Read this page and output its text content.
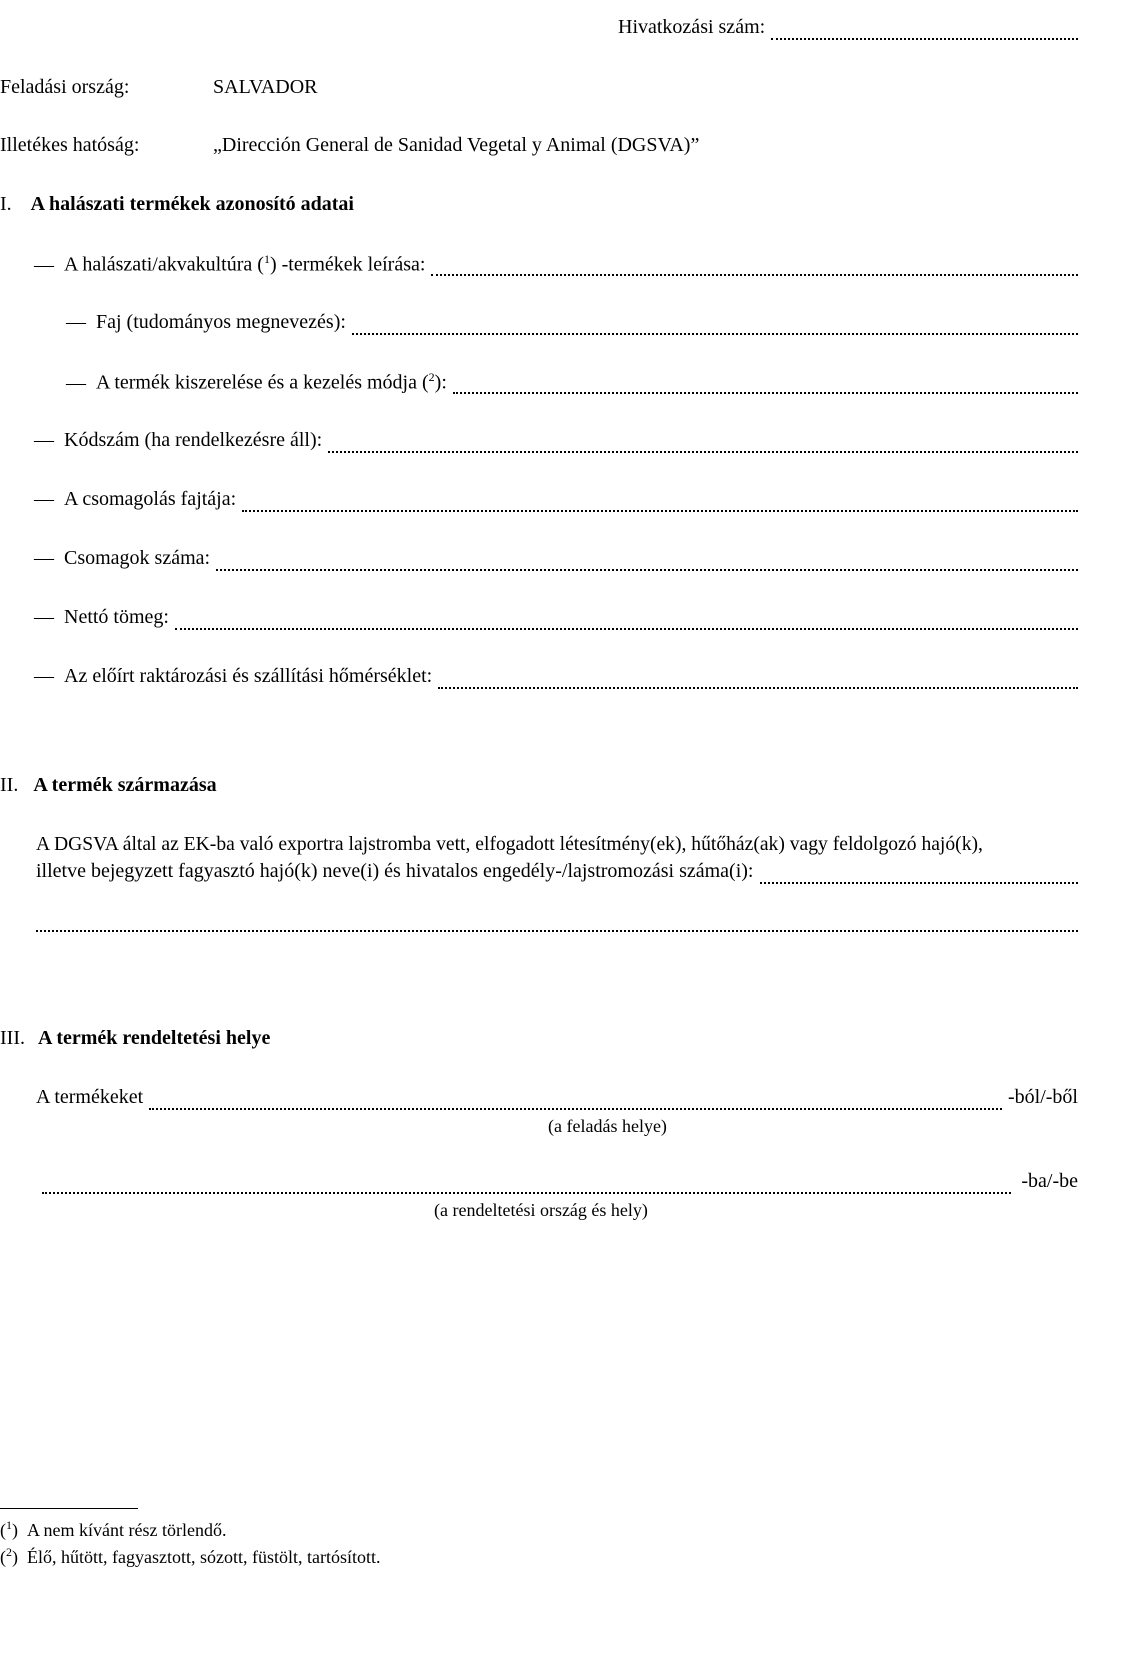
Hivatkozási szám:
Feladási ország:	SALVADOR
Illetékes hatóság:	„Dirección General de Sanidad Vegetal y Animal (DGSVA)”
I. A halászati termékek azonosító adatai
— A halászati/akvakultúra ($^1$) -termékek leírása:
— Faj (tudományos megnevezés):
— A termék kiszerelése és a kezelés módja ($^2$):
— Kódszám (ha rendelkezésre áll):
— A csomagolás fajtája:
— Csomagok száma:
— Nettó tömeg:
— Az előírt raktározási és szállítási hőmérséklet:
II. A termék származása
A DGSVA által az EK-ba való exportra lajstromba vett, elfogadott létesítmény(ek), hűtőház(ak) vagy feldolgozó hajó(k),
illetve bejegyzett fagyasztó hajó(k) neve(i) és hivatalos engedély-/lajstromozási száma(i):
III. A termék rendeltetési helye
A termékeket	-ból/-ből
(a feladás helye)
-ba/-be
(a rendeltetési ország és hely)
($^1$)  A nem kívánt rész törlendő.
($^2$)  Élő, hűtött, fagyasztott, sózott, füstölt, tartósított.
